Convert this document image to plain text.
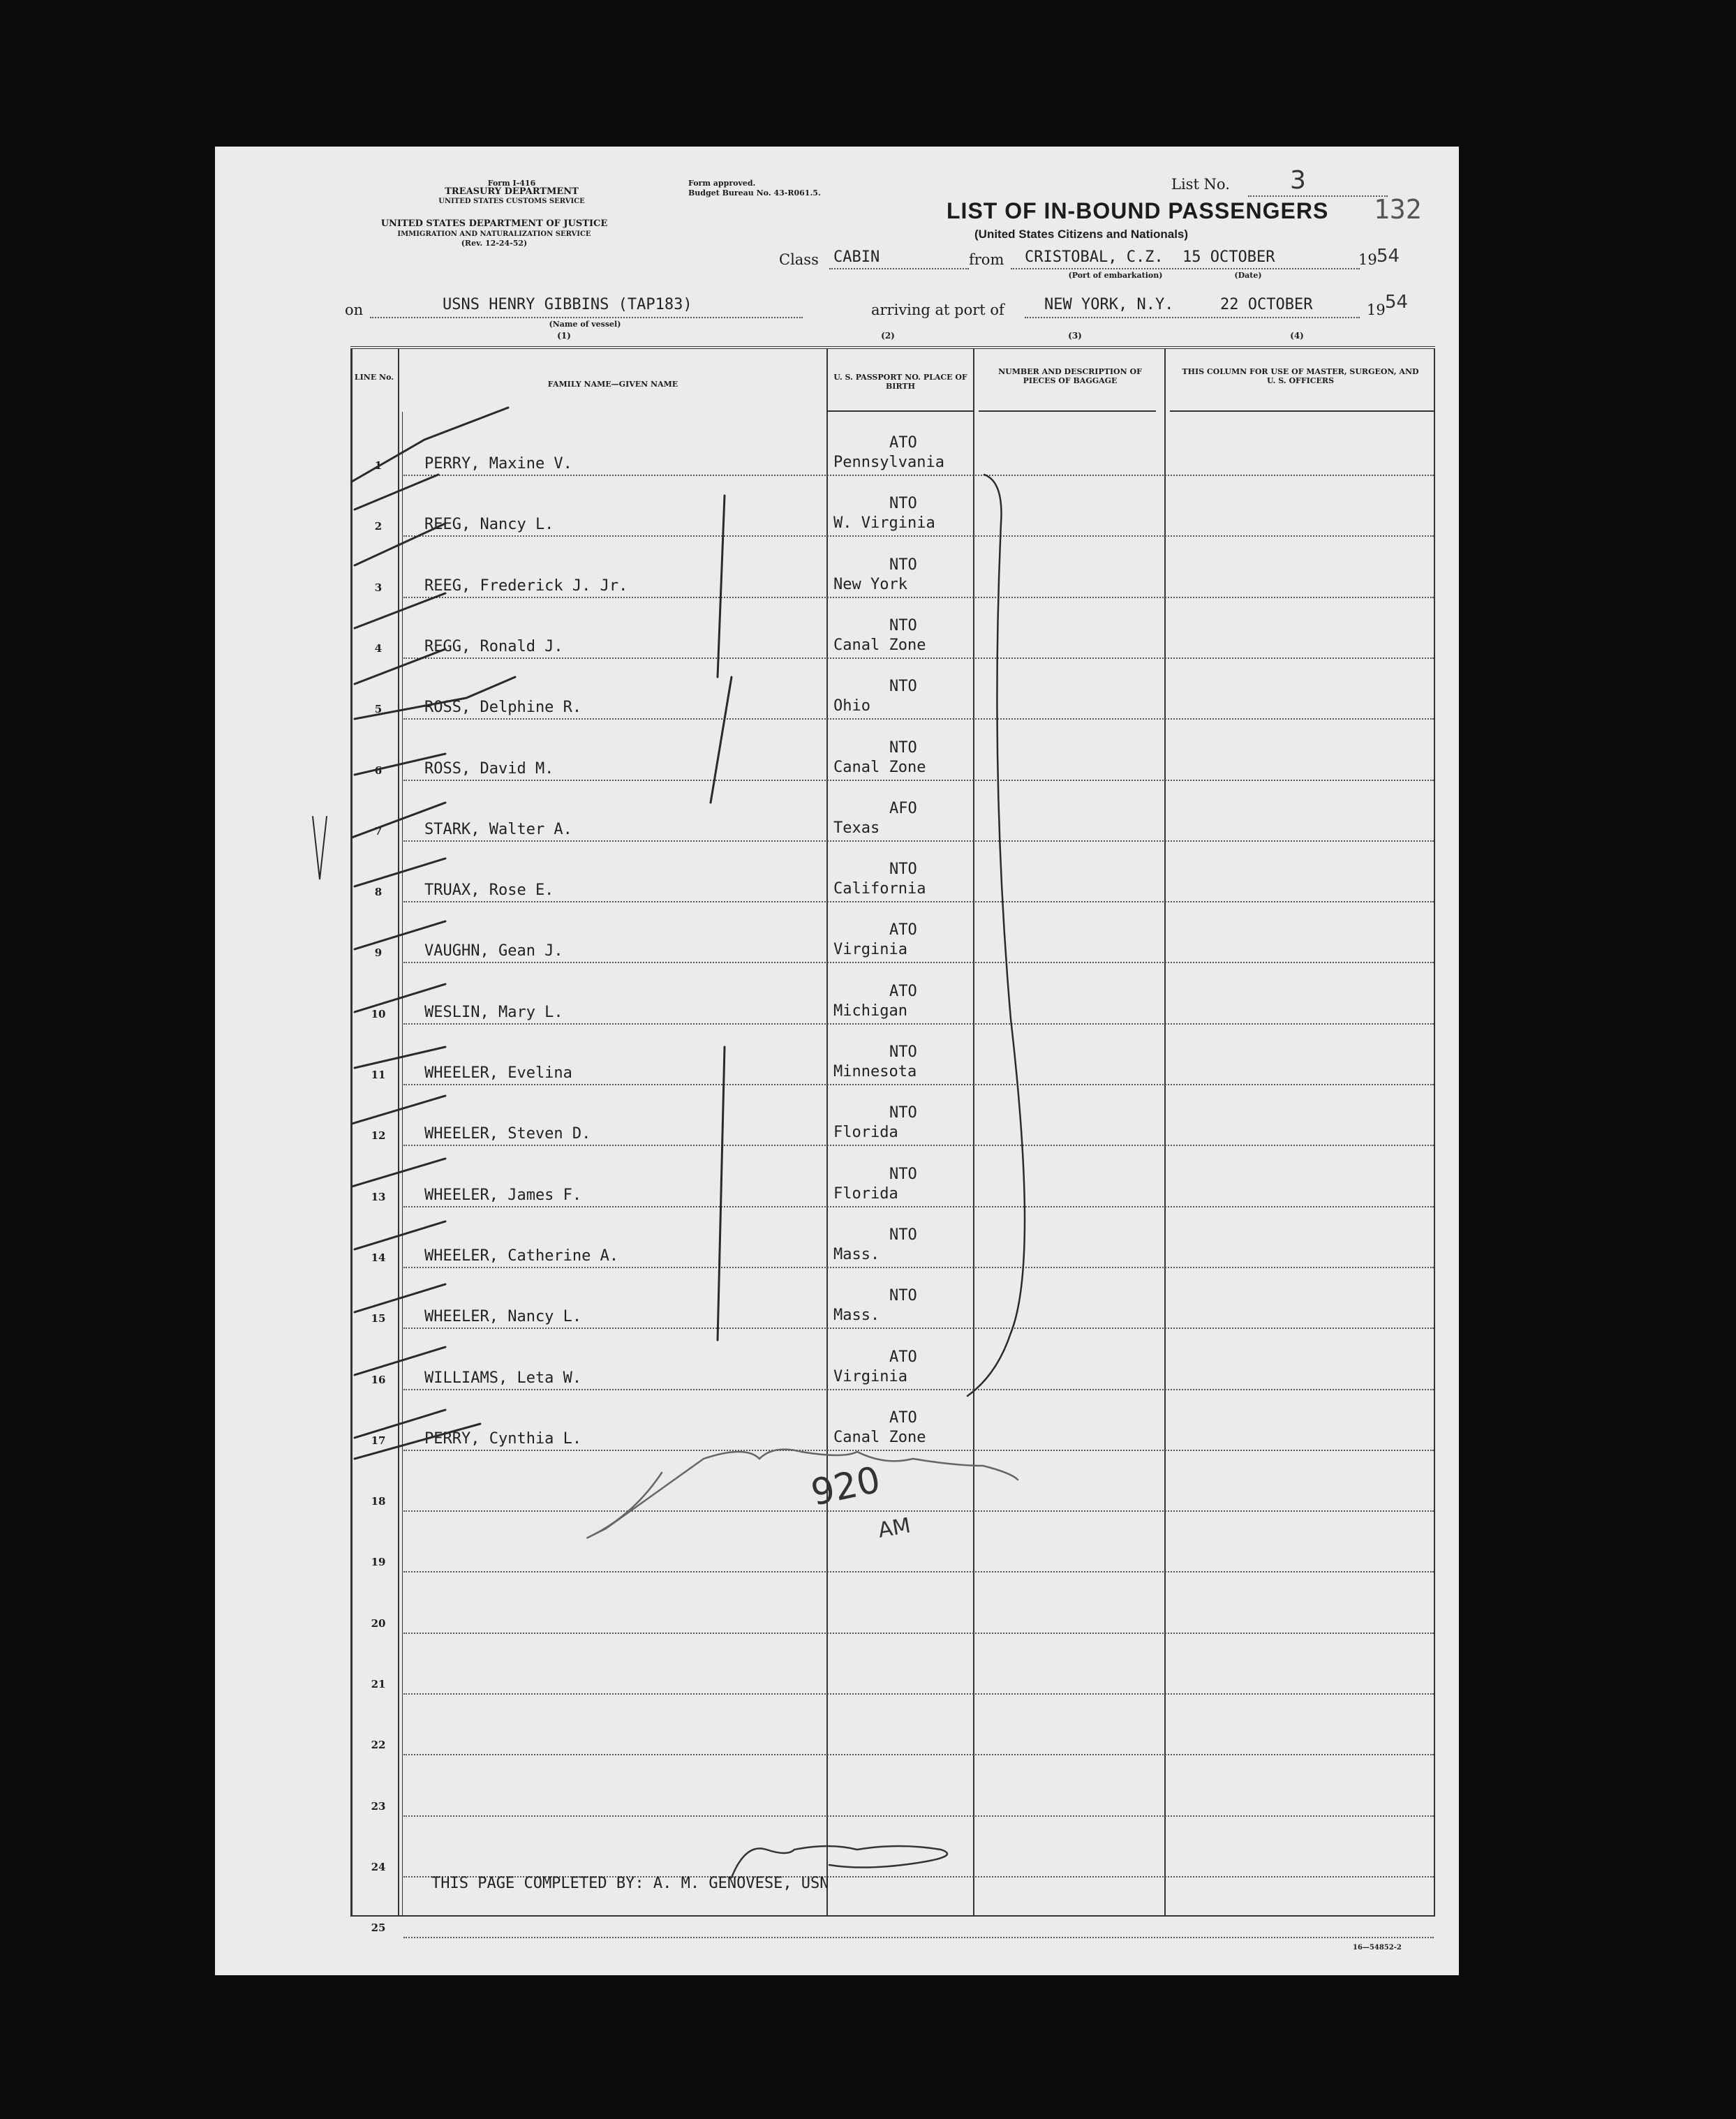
Form I-416
TREASURY DEPARTMENT
UNITED STATES CUSTOMS SERVICE
Form approved.
Budget Bureau No. 43-R061.5.
UNITED STATES DEPARTMENT OF JUSTICE
IMMIGRATION AND NATURALIZATION SERVICE
(Rev. 12-24-52)
List No. 3
132
LIST OF IN-BOUND PASSENGERS
(United States Citizens and Nationals)
Class CABIN	from CRISTOBAL, C.Z. 15 OCTOBER	19 54
(Port of embarkation)	(Date)
on	USNS HENRY GIBBINS (TAP183)
(Name of vessel)
arriving at port of	NEW YORK, N.Y.	22 OCTOBER	19 54
(1)	(2)	(3)	(4)
LINE No.
FAMILY NAME—GIVEN NAME
U. S. PASSPORT NO. PLACE OF BIRTH
NUMBER AND DESCRIPTION OF PIECES OF BAGGAGE
THIS COLUMN FOR USE OF MASTER, SURGEON, AND U. S. OFFICERS
1	PERRY, Maxine V.
ATO
Pennsylvania
2	REEG, Nancy L.
NTO
W. Virginia
3	REEG, Frederick J. Jr.
NTO
New York
4	REGG, Ronald J.
NTO
Canal Zone
5	ROSS, Delphine R.
NTO
Ohio
6	ROSS, David M.
NTO
Canal Zone
7	STARK, Walter A.
AFO
Texas
8	TRUAX, Rose E.
NTO
California
9	VAUGHN, Gean J.
ATO
Virginia
10	WESLIN, Mary L.
ATO
Michigan
11	WHEELER, Evelina
NTO
Minnesota
12	WHEELER, Steven D.
NTO
Florida
13	WHEELER, James F.
NTO
Florida
14	WHEELER, Catherine A.
NTO
Mass.
15	WHEELER, Nancy L.
NTO
Mass.
16	WILLIAMS, Leta W.
ATO
Virginia
17	PERRY, Cynthia L.
ATO
Canal Zone
18
19
20
21
22
23
24
25
THIS PAGE COMPLETED BY: A. M. GENOVESE, USN
16—54852-2
920
AM
